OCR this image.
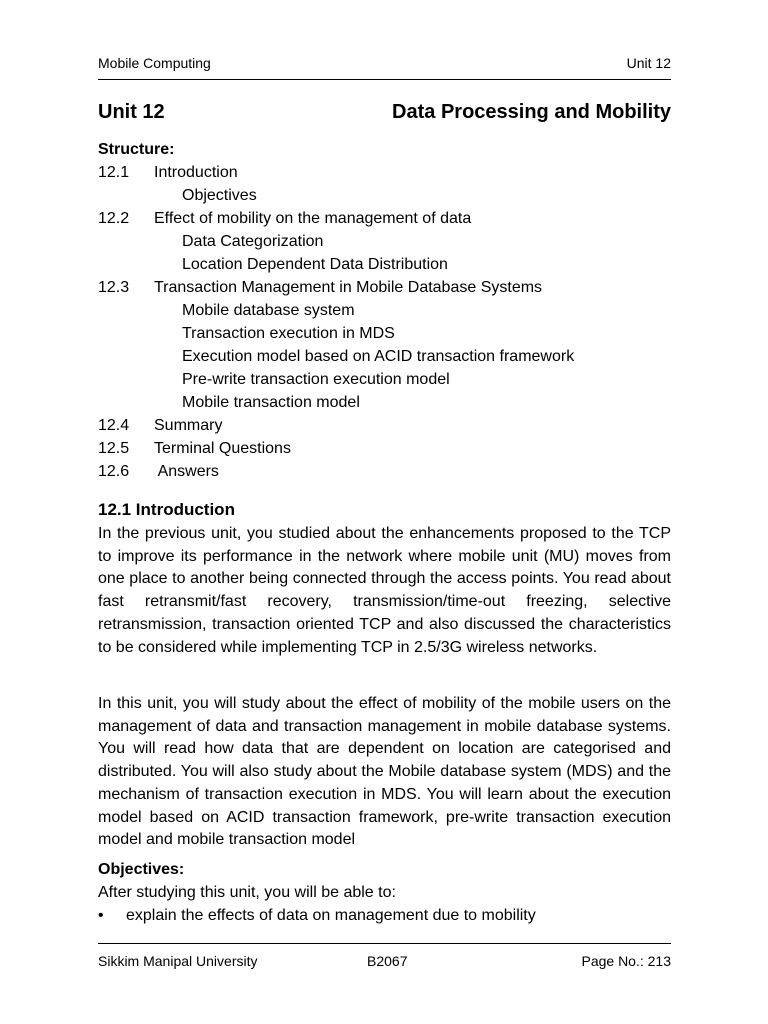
Mobile Computing	Unit 12
Unit 12	Data Processing and Mobility
Structure:
12.1 Introduction
Objectives
12.2 Effect of mobility on the management of data
Data Categorization
Location Dependent Data Distribution
12.3 Transaction Management in Mobile Database Systems
Mobile database system
Transaction execution in MDS
Execution model based on ACID transaction framework
Pre-write transaction execution model
Mobile transaction model
12.4 Summary
12.5 Terminal Questions
12.6 Answers
12.1 Introduction

In the previous unit, you studied about the enhancements proposed to the TCP to improve its performance in the network where mobile unit (MU) moves from one place to another being connected through the access points. You read about fast retransmit/fast recovery, transmission/time-out freezing, selective retransmission, transaction oriented TCP and also discussed the characteristics to be considered while implementing TCP in 2.5/3G wireless networks.

In this unit, you will study about the effect of mobility of the mobile users on the management of data and transaction management in mobile database systems. You will read how data that are dependent on location are categorised and distributed. You will also study about the Mobile database system (MDS) and the mechanism of transaction execution in MDS. You will learn about the execution model based on ACID transaction framework, pre-write transaction execution model and mobile transaction model

Objectives:
After studying this unit, you will be able to:
•	explain the effects of data on management due to mobility
Sikkim Manipal University	B2067	Page No.: 213
